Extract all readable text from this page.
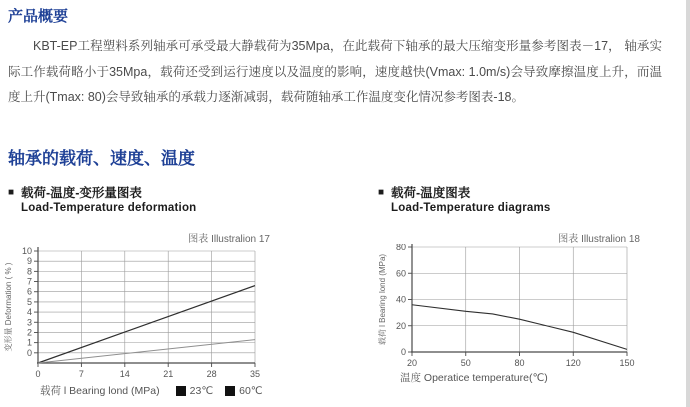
产品概要

KBT-EP工程塑料系列轴承可承受最大静载荷为35Mpa，在此载荷下轴承的最大压缩变形量参考图表－17， 轴承实际工作载荷略小于35Mpa，载荷还受到运行速度以及温度的影响，速度越快(Vmax: 1.0m/s)会导致摩擦温度上升，而温度上升(Tmax: 80)会导致轴承的承载力逐渐减弱，载荷随轴承工作温度变化情况参考图表-18。

轴承的载荷、速度、温度
■ 载荷-温度-变形量图表
Load-Temperature deformation
图表 Illustralion 17
0
1
2
3
4
5
6
7
8
9
10
0	7	14	21	28	35
变形量 Deformation ( % )
载荷 l Bearing lond (MPa)	23℃ 60℃
■ 载荷-温度图表
Load-Temperature diagrams
图表 Illustralion 18
0
20
40
60
80
20	50	80	120	150
载荷 l Bearing lond (MPa)
温度 Operatice temperature(℃)
